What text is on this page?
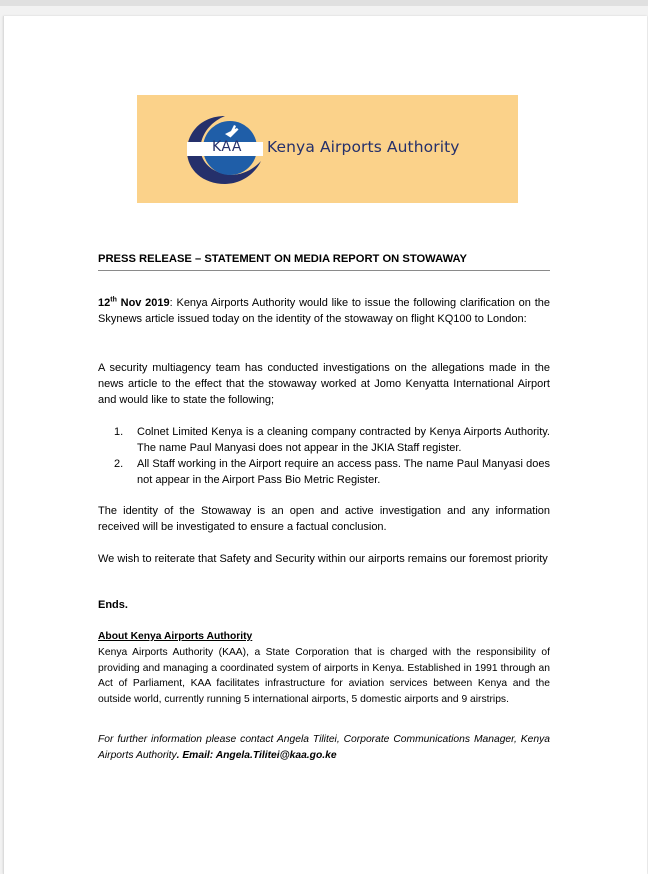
KAA	Kenya Airports Authority
PRESS RELEASE – STATEMENT ON MEDIA REPORT ON STOWAWAY

12th Nov 2019: Kenya Airports Authority would like to issue the following clarification on the Skynews article issued today on the identity of the stowaway on flight KQ100 to London:

A security multiagency team has conducted investigations on the allegations made in the news article to the effect that the stowaway worked at Jomo Kenyatta International Airport and would like to state the following;

1. Colnet Limited Kenya is a cleaning company contracted by Kenya Airports Authority. The name Paul Manyasi does not appear in the JKIA Staff register.
2. All Staff working in the Airport require an access pass. The name Paul Manyasi does not appear in the Airport Pass Bio Metric Register.

The identity of the Stowaway is an open and active investigation and any information received will be investigated to ensure a factual conclusion.

We wish to reiterate that Safety and Security within our airports remains our foremost priority

Ends.
About Kenya Airports Authority

Kenya Airports Authority (KAA), a State Corporation that is charged with the responsibility of providing and managing a coordinated system of airports in Kenya. Established in 1991 through an Act of Parliament, KAA facilitates infrastructure for aviation services between Kenya and the outside world, currently running 5 international airports, 5 domestic airports and 9 airstrips.

For further information please contact Angela Tilitei, Corporate Communications Manager, Kenya Airports Authority. Email: Angela.Tilitei@kaa.go.ke
